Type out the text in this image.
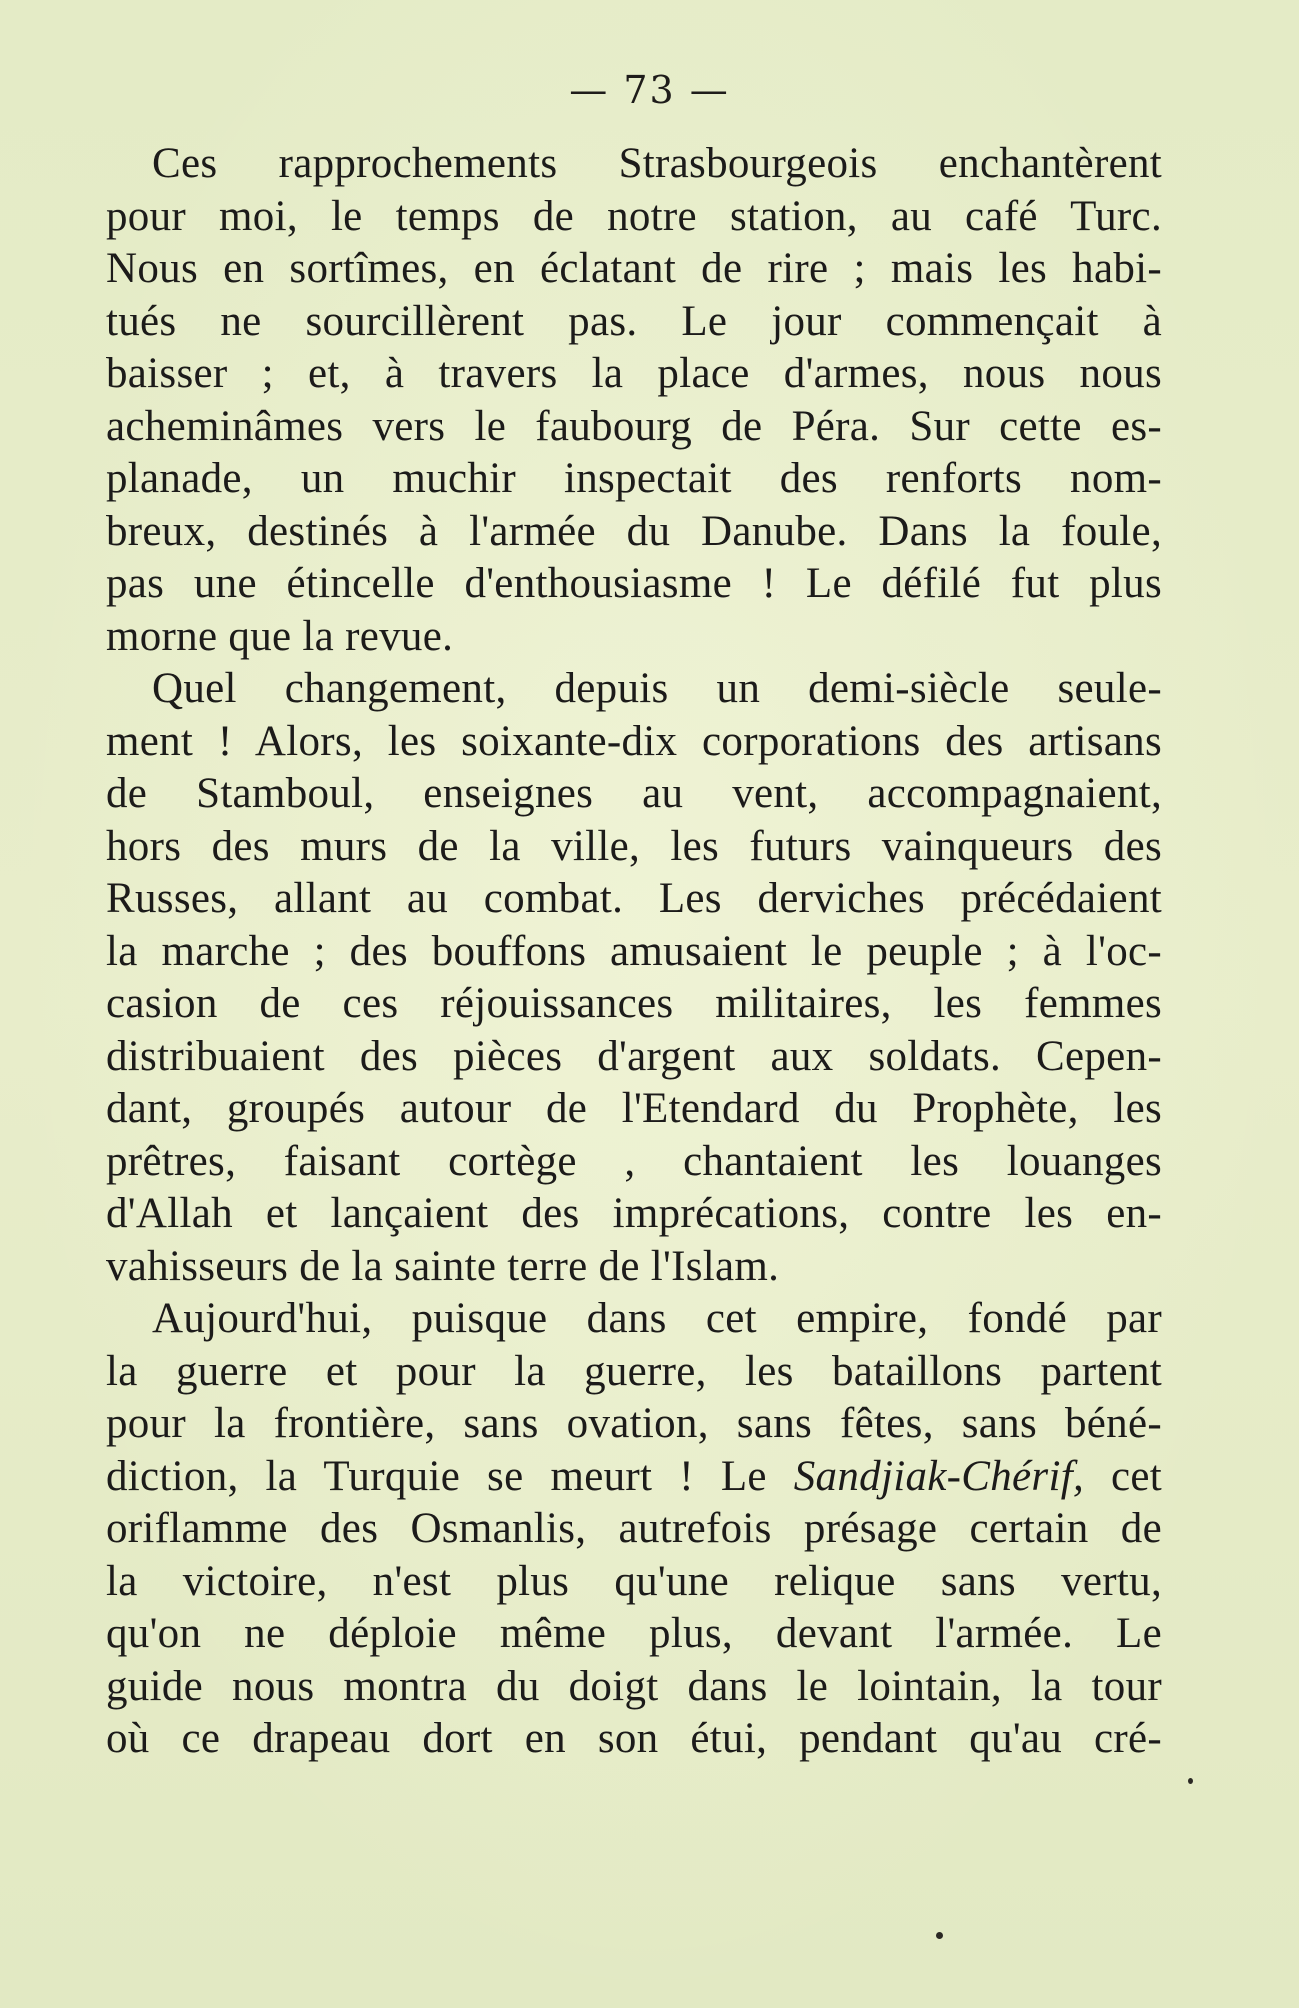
— 73 —
Ces rapprochements Strasbourgeois enchantèrent
pour moi, le temps de notre station, au café Turc.
Nous en sortîmes, en éclatant de rire ; mais les habi-
tués ne sourcillèrent pas. Le jour commençait à
baisser ; et, à travers la place d'armes, nous nous
acheminâmes vers le faubourg de Péra. Sur cette es-
planade, un muchir inspectait des renforts nom-
breux, destinés à l'armée du Danube. Dans la foule,
pas une étincelle d'enthousiasme ! Le défilé fut plus
morne que la revue.
Quel changement, depuis un demi-siècle seule-
ment ! Alors, les soixante-dix corporations des artisans
de Stamboul, enseignes au vent, accompagnaient,
hors des murs de la ville, les futurs vainqueurs des
Russes, allant au combat. Les derviches précédaient
la marche ; des bouffons amusaient le peuple ; à l'oc-
casion de ces réjouissances militaires, les femmes
distribuaient des pièces d'argent aux soldats. Cepen-
dant, groupés autour de l'Etendard du Prophète, les
prêtres, faisant cortège , chantaient les louanges
d'Allah et lançaient des imprécations, contre les en-
vahisseurs de la sainte terre de l'Islam.
Aujourd'hui, puisque dans cet empire, fondé par
la guerre et pour la guerre, les bataillons partent
pour la frontière, sans ovation, sans fêtes, sans béné-
diction, la Turquie se meurt ! Le Sandjiak-Chérif, cet
oriflamme des Osmanlis, autrefois présage certain de
la victoire, n'est plus qu'une relique sans vertu,
qu'on ne déploie même plus, devant l'armée. Le
guide nous montra du doigt dans le lointain, la tour
où ce drapeau dort en son étui, pendant qu'au cré-
